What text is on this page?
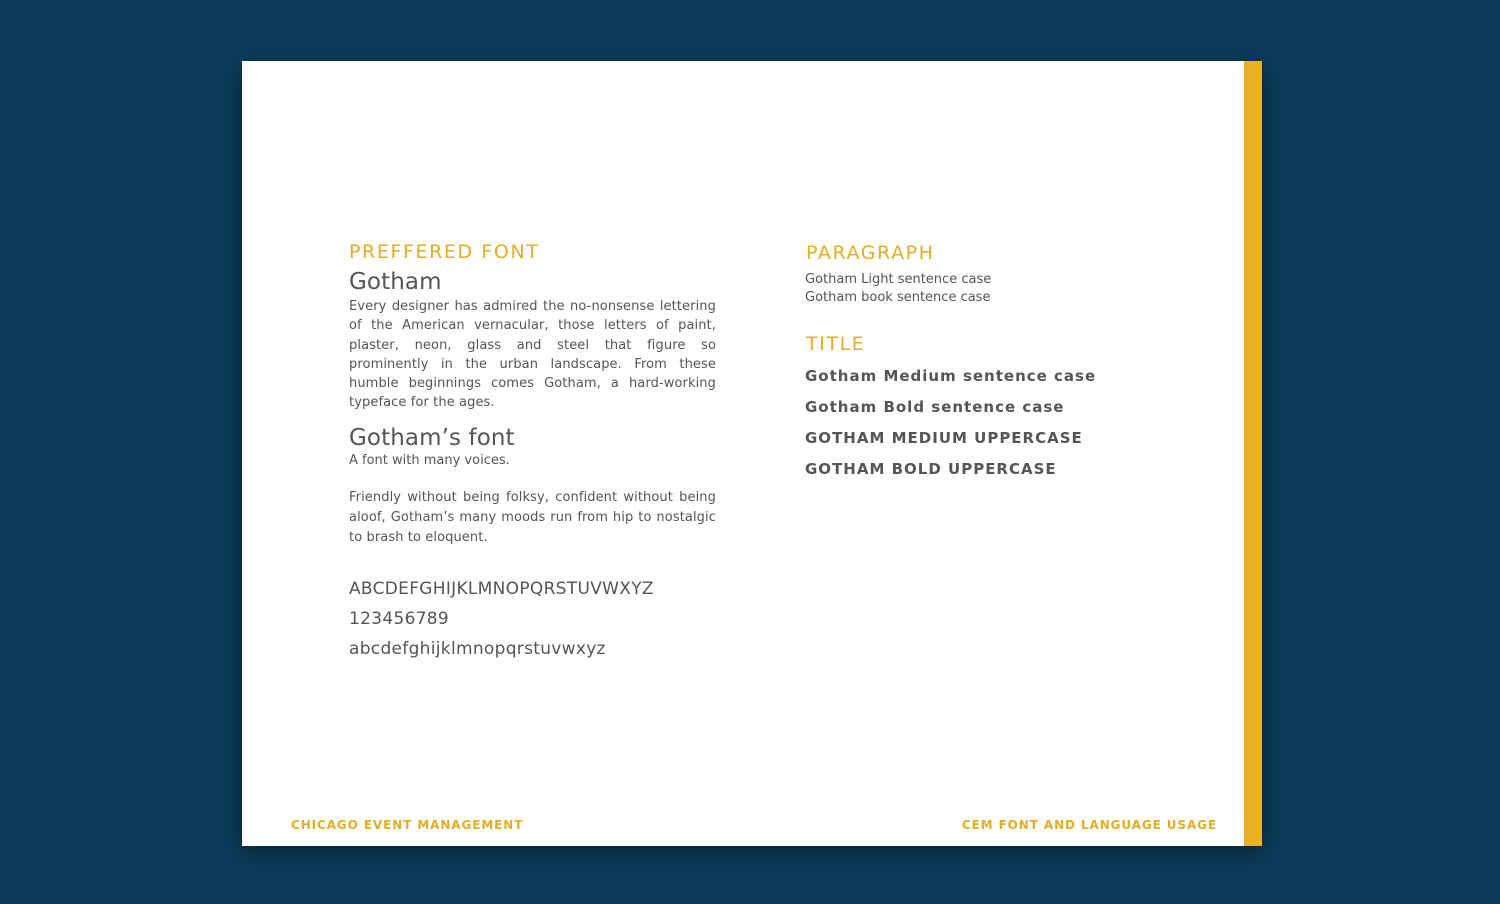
PREFFERED FONT
Gotham
Every designer has admired the no-nonsense lettering of the American vernacular, those letters of paint, plaster, neon, glass and steel that figure so prominently in the urban landscape. From these humble beginnings comes Gotham, a hard-working typeface for the ages.
Gotham’s font
A font with many voices.
Friendly without being folksy, confident without being aloof, Gotham’s many moods run from hip to nostalgic to brash to eloquent.
ABCDEFGHIJKLMNOPQRSTUVWXYZ
123456789
abcdefghijklmnopqrstuvwxyz
PARAGRAPH
Gotham Light sentence case
Gotham book sentence case
TITLE
Gotham Medium sentence case
Gotham Bold sentence case
GOTHAM MEDIUM UPPERCASE
GOTHAM BOLD UPPERCASE
CHICAGO EVENT MANAGEMENT	CEM FONT AND LANGUAGE USAGE
